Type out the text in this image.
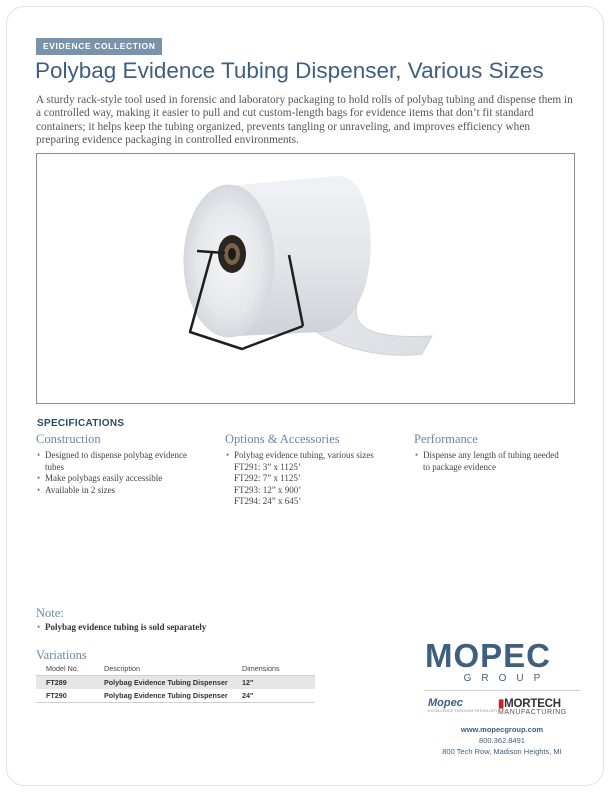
EVIDENCE COLLECTION
Polybag Evidence Tubing Dispenser, Various Sizes
A sturdy rack-style tool used in forensic and laboratory packaging to hold rolls of polybag tubing and dispense them in a controlled way, making it easier to pull and cut custom-length bags for evidence items that don’t fit standard containers; it helps keep the tubing organized, prevents tangling or unraveling, and improves efficiency when preparing evidence packaging in controlled environments.
SPECIFICATIONS
Construction
• Designed to dispense polybag evidence tubes
• Make polybags easily accessible
• Available in 2 sizes
Options & Accessories
• Polybag evidence tubing, various sizes
FT291: 3” x 1125’
FT292: 7” x 1125’
FT293: 12” x 900’
FT294: 24” x 645’
Performance
• Dispense any length of tubing needed to package evidence
Note:
• Polybag evidence tubing is sold separately
Variations
Model No.	Description	Dimensions
FT289	Polybag Evidence Tubing Dispenser	12"
FT290	Polybag Evidence Tubing Dispenser	24"
MOPEC
GROUP
Mopec
EXCELLENCE THROUGH PATHOLOGY
▮MORTECH
MANUFACTURING
www.mopecgroup.com
800.362.8491
800 Tech Row, Madison Heights, MI
